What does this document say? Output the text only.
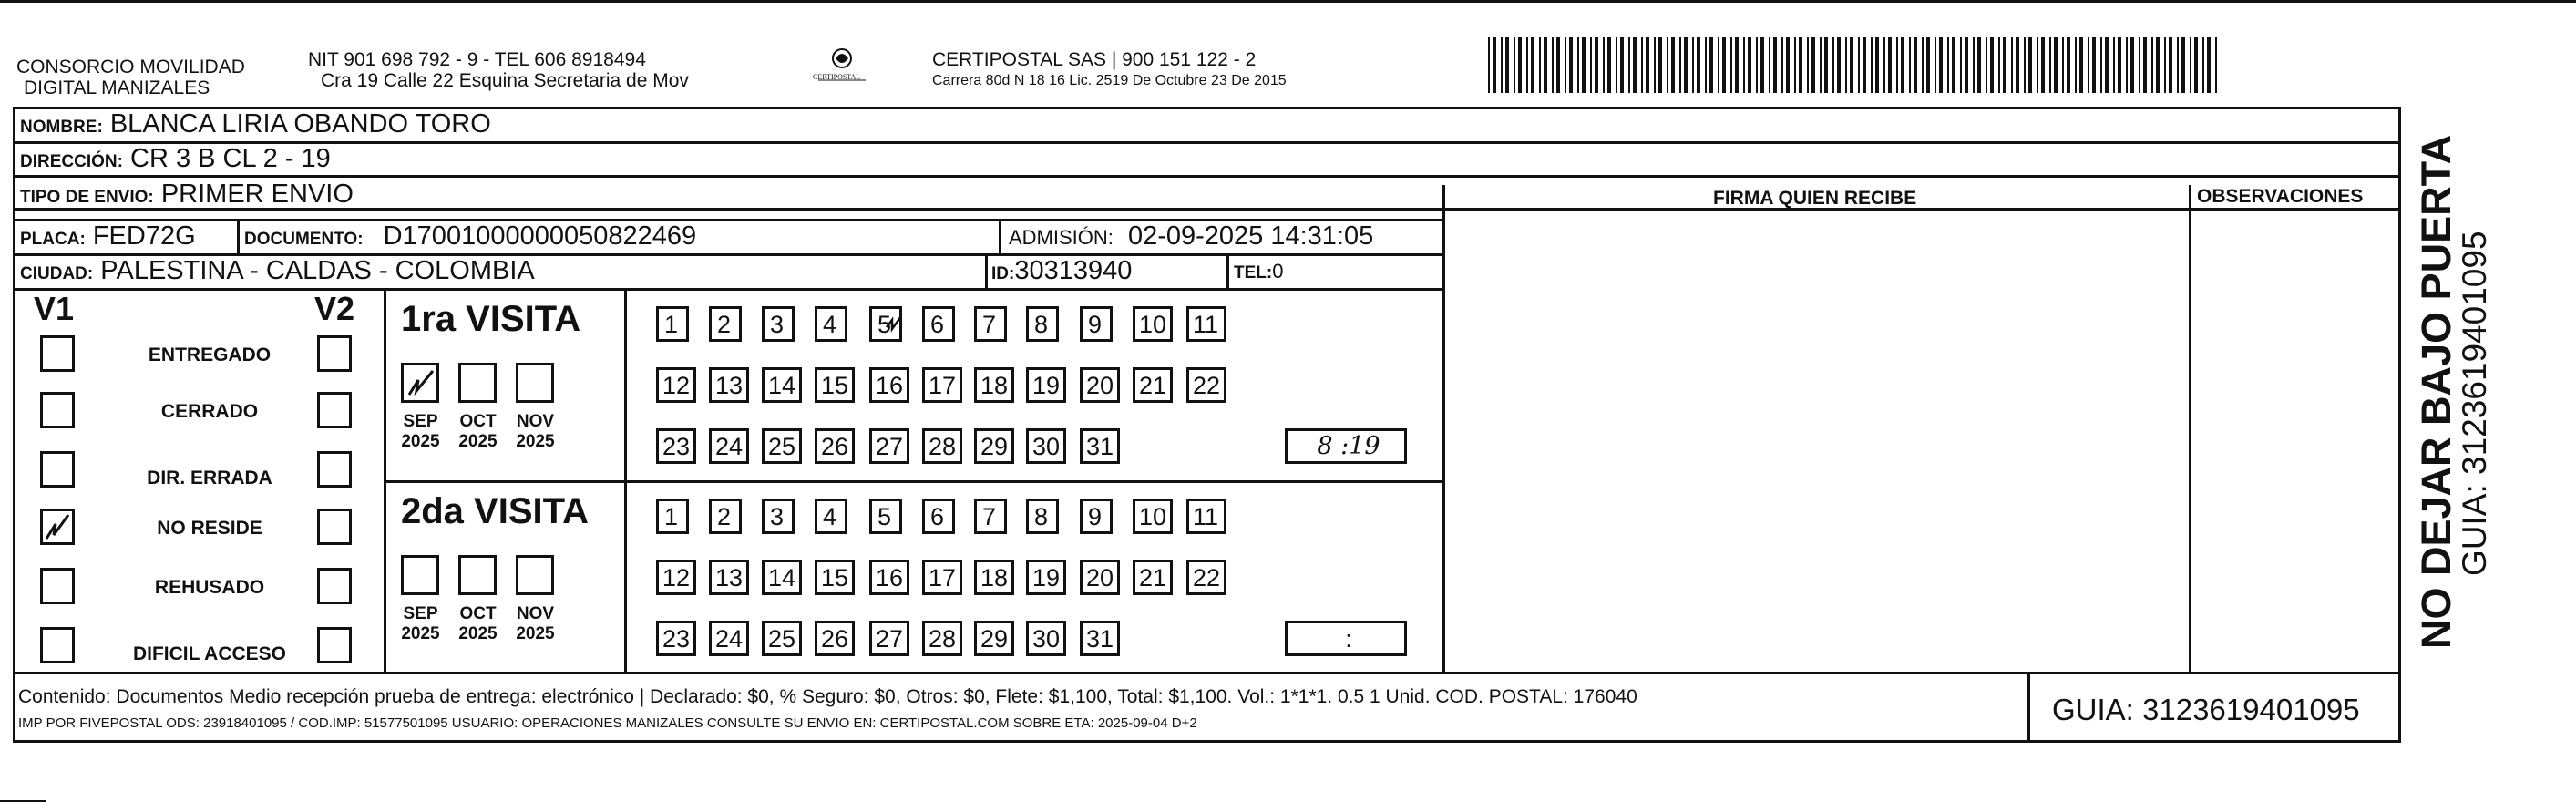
CONSORCIO MOVILIDAD
DIGITAL MANIZALES
NIT 901 698 792 - 9 - TEL 606 8918494
Cra 19 Calle 22 Esquina Secretaria de Mov	CERTIPOSTAL
CERTIPOSTAL SAS | 900 151 122 - 2
Carrera 80d N 18 16 Lic. 2519 De Octubre 23 De 2015
NOMBRE: BLANCA LIRIA OBANDO TORO
DIRECCIÓN: CR 3 B CL 2 - 19
TIPO DE ENVIO: PRIMER ENVIO	FIRMA QUIEN RECIBE	OBSERVACIONES
PLACA: FED72G	DOCUMENTO: D17001000000050822469	ADMISIÓN: 02-09-2025 14:31:05
CIUDAD: PALESTINA - CALDAS - COLOMBIA	ID:30313940	TEL:0
V1	V2
ENTREGADO
CERRADO
DIR. ERRADA
NO RESIDE
REHUSADO
DIFICIL ACCESO
1ra VISITA
2da VISITA
SEP
2025
OCT
2025
NOV
2025
1	2	3	4	5	6	7	8	9	10 11
12 13 14 15 16 17 18 19 20 21 22
23 24 25 26 27 28 29 30 31	8 :19
SEP
2025
OCT
2025
NOV
2025
1	2	3	4	5	6	7	8	9	10 11
12 13 14 15 16 17 18 19 20 21 22
23 24 25 26 27 28 29 30 31	:
Contenido: Documentos Medio recepción prueba de entrega: electrónico | Declarado: $0, % Seguro: $0, Otros: $0, Flete: $1,100, Total: $1,100. Vol.: 1*1*1. 0.5 1 Unid. COD. POSTAL: 176040
IMP POR FIVEPOSTAL ODS: 23918401095 / COD.IMP: 51577501095 USUARIO: OPERACIONES MANIZALES CONSULTE SU ENVIO EN: CERTIPOSTAL.COM SOBRE ETA: 2025-09-04 D+2	GUIA: 3123619401095
NO DEJAR BAJO PUERTA
GUIA: 3123619401095
